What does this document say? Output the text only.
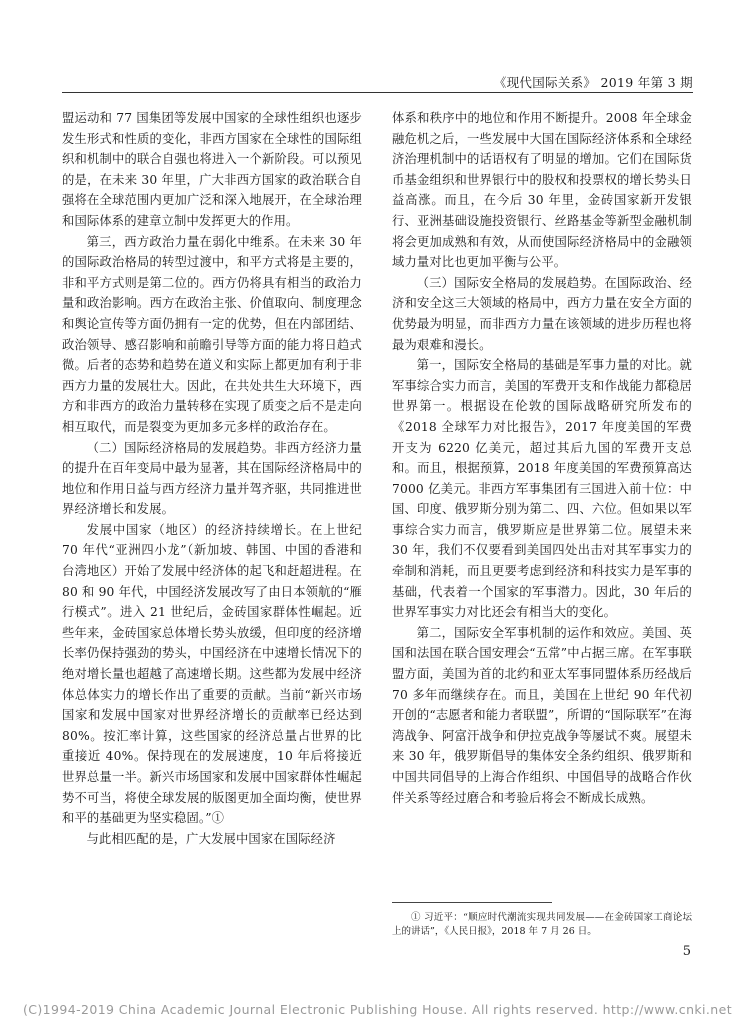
《现代国际关系》 2019 年第 3 期

盟运动和 77 国集团等发展中国家的全球性组织也逐步发生形式和性质的变化，非西方国家在全球性的国际组织和机制中的联合自强也将进入一个新阶段。可以预见的是，在未来 30 年里，广大非西方国家的政治联合自强将在全球范围内更加广泛和深入地展开，在全球治理和国际体系的建章立制中发挥更大的作用。

第三，西方政治力量在弱化中维系。在未来 30 年的国际政治格局的转型过渡中，和平方式将是主要的，非和平方式则是第二位的。西方仍将具有相当的政治力量和政治影响。西方在政治主张、价值取向、制度理念和舆论宣传等方面仍拥有一定的优势，但在内部团结、政治领导、感召影响和前瞻引导等方面的能力将日趋式微。后者的态势和趋势在道义和实际上都更加有利于非西方力量的发展壮大。因此，在共处共生大环境下，西方和非西方的政治力量转移在实现了质变之后不是走向相互取代，而是裂变为更加多元多样的政治存在。

（二）国际经济格局的发展趋势。非西方经济力量的提升在百年变局中最为显著，其在国际经济格局中的地位和作用日益与西方经济力量并驾齐驱，共同推进世界经济增长和发展。

发展中国家（地区）的经济持续增长。在上世纪 70 年代“亚洲四小龙”（新加坡、韩国、中国的香港和台湾地区）开始了发展中经济体的起飞和赶超进程。在 80 和 90 年代，中国经济发展改写了由日本领航的“雁行模式”。进入 21 世纪后，金砖国家群体性崛起。近些年来，金砖国家总体增长势头放缓，但印度的经济增长率仍保持强劲的势头，中国经济在中速增长情况下的绝对增长量也超越了高速增长期。这些都为发展中经济体总体实力的增长作出了重要的贡献。当前“新兴市场国家和发展中国家对世界经济增长的贡献率已经达到 80%。按汇率计算，这些国家的经济总量占世界的比重接近 40%。保持现在的发展速度，10 年后将接近世界总量一半。新兴市场国家和发展中国家群体性崛起势不可当，将使全球发展的版图更加全面均衡，使世界和平的基础更为坚实稳固。”①

与此相匹配的是，广大发展中国家在国际经济

体系和秩序中的地位和作用不断提升。2008 年全球金融危机之后，一些发展中大国在国际经济体系和全球经济治理机制中的话语权有了明显的增加。它们在国际货币基金组织和世界银行中的股权和投票权的增长势头日益高涨。而且，在今后 30 年里，金砖国家新开发银行、亚洲基础设施投资银行、丝路基金等新型金融机制将会更加成熟和有效，从而使国际经济格局中的金融领域力量对比也更加平衡与公平。

（三）国际安全格局的发展趋势。在国际政治、经济和安全这三大领域的格局中，西方力量在安全方面的优势最为明显，而非西方力量在该领域的进步历程也将最为艰难和漫长。

第一，国际安全格局的基础是军事力量的对比。就军事综合实力而言，美国的军费开支和作战能力都稳居世界第一。根据设在伦敦的国际战略研究所发布的《2018 全球军力对比报告》，2017 年度美国的军费开支为 6220 亿美元，超过其后九国的军费开支总和。而且，根据预算，2018 年度美国的军费预算高达 7000 亿美元。非西方军事集团有三国进入前十位：中国、印度、俄罗斯分别为第二、四、六位。但如果以军事综合实力而言，俄罗斯应是世界第二位。展望未来 30 年，我们不仅要看到美国四处出击对其军事实力的牵制和消耗，而且更要考虑到经济和科技实力是军事的基础，代表着一个国家的军事潜力。因此，30 年后的世界军事实力对比还会有相当大的变化。

第二，国际安全军事机制的运作和效应。美国、英国和法国在联合国安理会“五常”中占据三席。在军事联盟方面，美国为首的北约和亚太军事同盟体系历经战后 70 多年而继续存在。而且，美国在上世纪 90 年代初开创的“志愿者和能力者联盟”，所谓的“国际联军”在海湾战争、阿富汗战争和伊拉克战争等屡试不爽。展望未来 30 年，俄罗斯倡导的集体安全条约组织、俄罗斯和中国共同倡导的上海合作组织、中国倡导的战略合作伙伴关系等经过磨合和考验后将会不断成长成熟。

① 习近平：“顺应时代潮流实现共同发展——在金砖国家工商论坛上的讲话”，《人民日报》，2018 年 7 月 26 日。
5
(C)1994-2019 China Academic Journal Electronic Publishing House. All rights reserved. http://www.cnki.net
